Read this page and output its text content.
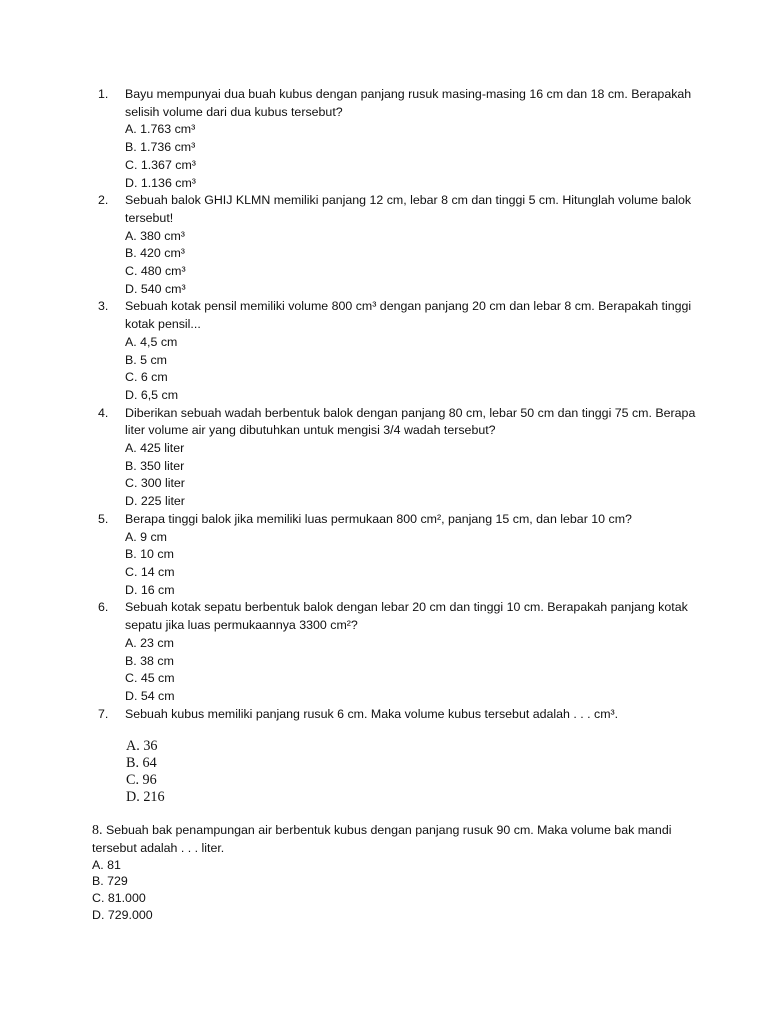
1.	Bayu mempunyai dua buah kubus dengan panjang rusuk masing-masing 16 cm dan 18 cm. Berapakah selisih volume dari dua kubus tersebut?
A. 1.763 cm³
B. 1.736 cm³
C. 1.367 cm³
D. 1.136 cm³
2.	Sebuah balok GHIJ KLMN memiliki panjang 12 cm, lebar 8 cm dan tinggi 5 cm. Hitunglah volume balok tersebut!
A. 380 cm³
B. 420 cm³
C. 480 cm³
D. 540 cm³
3.	Sebuah kotak pensil memiliki volume 800 cm³ dengan panjang 20 cm dan lebar 8 cm. Berapakah tinggi kotak pensil...
A. 4,5 cm
B. 5 cm
C. 6 cm
D. 6,5 cm
4.	Diberikan sebuah wadah berbentuk balok dengan panjang 80 cm, lebar 50 cm dan tinggi 75 cm. Berapa liter volume air yang dibutuhkan untuk mengisi 3/4 wadah tersebut?
A. 425 liter
B. 350 liter
C. 300 liter
D. 225 liter
5.	Berapa tinggi balok jika memiliki luas permukaan 800 cm², panjang 15 cm, dan lebar 10 cm?
A. 9 cm
B. 10 cm
C. 14 cm
D. 16 cm
6.	Sebuah kotak sepatu berbentuk balok dengan lebar 20 cm dan tinggi 10 cm. Berapakah panjang kotak sepatu jika luas permukaannya 3300 cm²?
A. 23 cm
B. 38 cm
C. 45 cm
D. 54 cm
7.	Sebuah kubus memiliki panjang rusuk 6 cm. Maka volume kubus tersebut adalah . . . cm³.
A. 36
B. 64
C. 96
D. 216
8. Sebuah bak penampungan air berbentuk kubus dengan panjang rusuk 90 cm. Maka volume bak mandi tersebut adalah . . . liter.
A. 81
B. 729
C. 81.000
D. 729.000
